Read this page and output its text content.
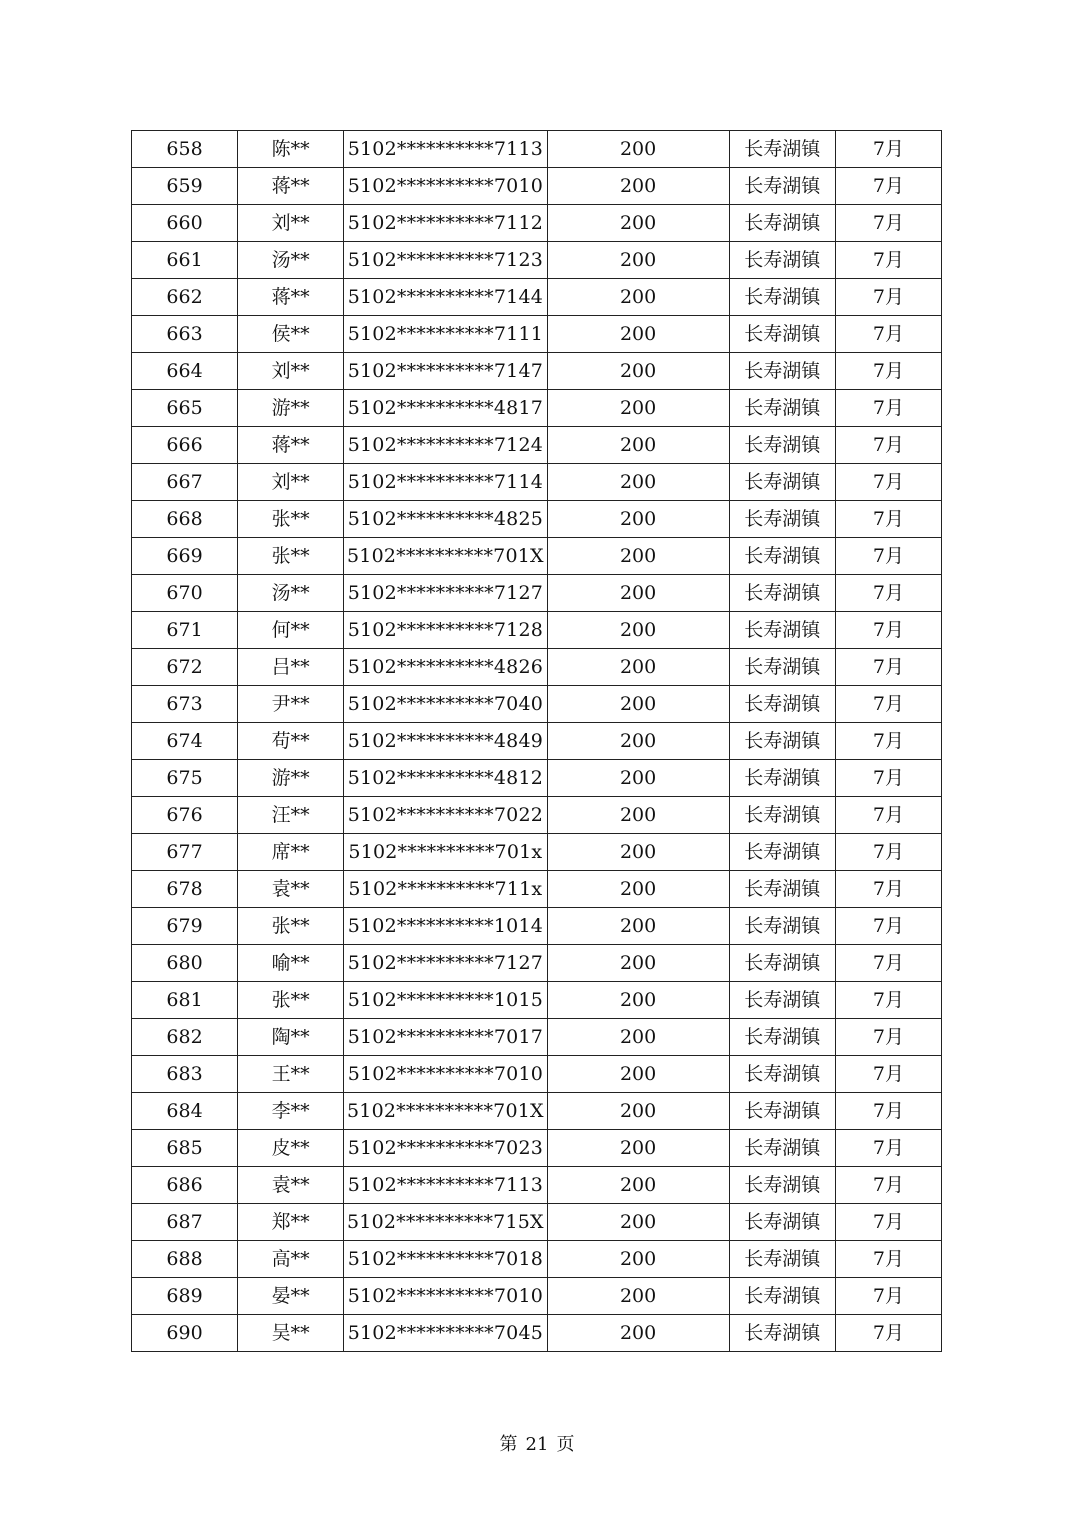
658	陈**	5102**********7113	200	长寿湖镇	7月
659	蒋**	5102**********7010	200	长寿湖镇	7月
660	刘**	5102**********7112	200	长寿湖镇	7月
661	汤**	5102**********7123	200	长寿湖镇	7月
662	蒋**	5102**********7144	200	长寿湖镇	7月
663	侯**	5102**********7111	200	长寿湖镇	7月
664	刘**	5102**********7147	200	长寿湖镇	7月
665	游**	5102**********4817	200	长寿湖镇	7月
666	蒋**	5102**********7124	200	长寿湖镇	7月
667	刘**	5102**********7114	200	长寿湖镇	7月
668	张**	5102**********4825	200	长寿湖镇	7月
669	张**	5102**********701X	200	长寿湖镇	7月
670	汤**	5102**********7127	200	长寿湖镇	7月
671	何**	5102**********7128	200	长寿湖镇	7月
672	吕**	5102**********4826	200	长寿湖镇	7月
673	尹**	5102**********7040	200	长寿湖镇	7月
674	苟**	5102**********4849	200	长寿湖镇	7月
675	游**	5102**********4812	200	长寿湖镇	7月
676	汪**	5102**********7022	200	长寿湖镇	7月
677	席**	5102**********701x	200	长寿湖镇	7月
678	袁**	5102**********711x	200	长寿湖镇	7月
679	张**	5102**********1014	200	长寿湖镇	7月
680	喻**	5102**********7127	200	长寿湖镇	7月
681	张**	5102**********1015	200	长寿湖镇	7月
682	陶**	5102**********7017	200	长寿湖镇	7月
683	王**	5102**********7010	200	长寿湖镇	7月
684	李**	5102**********701X	200	长寿湖镇	7月
685	皮**	5102**********7023	200	长寿湖镇	7月
686	袁**	5102**********7113	200	长寿湖镇	7月
687	郑**	5102**********715X	200	长寿湖镇	7月
688	高**	5102**********7018	200	长寿湖镇	7月
689	晏**	5102**********7010	200	长寿湖镇	7月
690	吴**	5102**********7045	200	长寿湖镇	7月
第 21 页
